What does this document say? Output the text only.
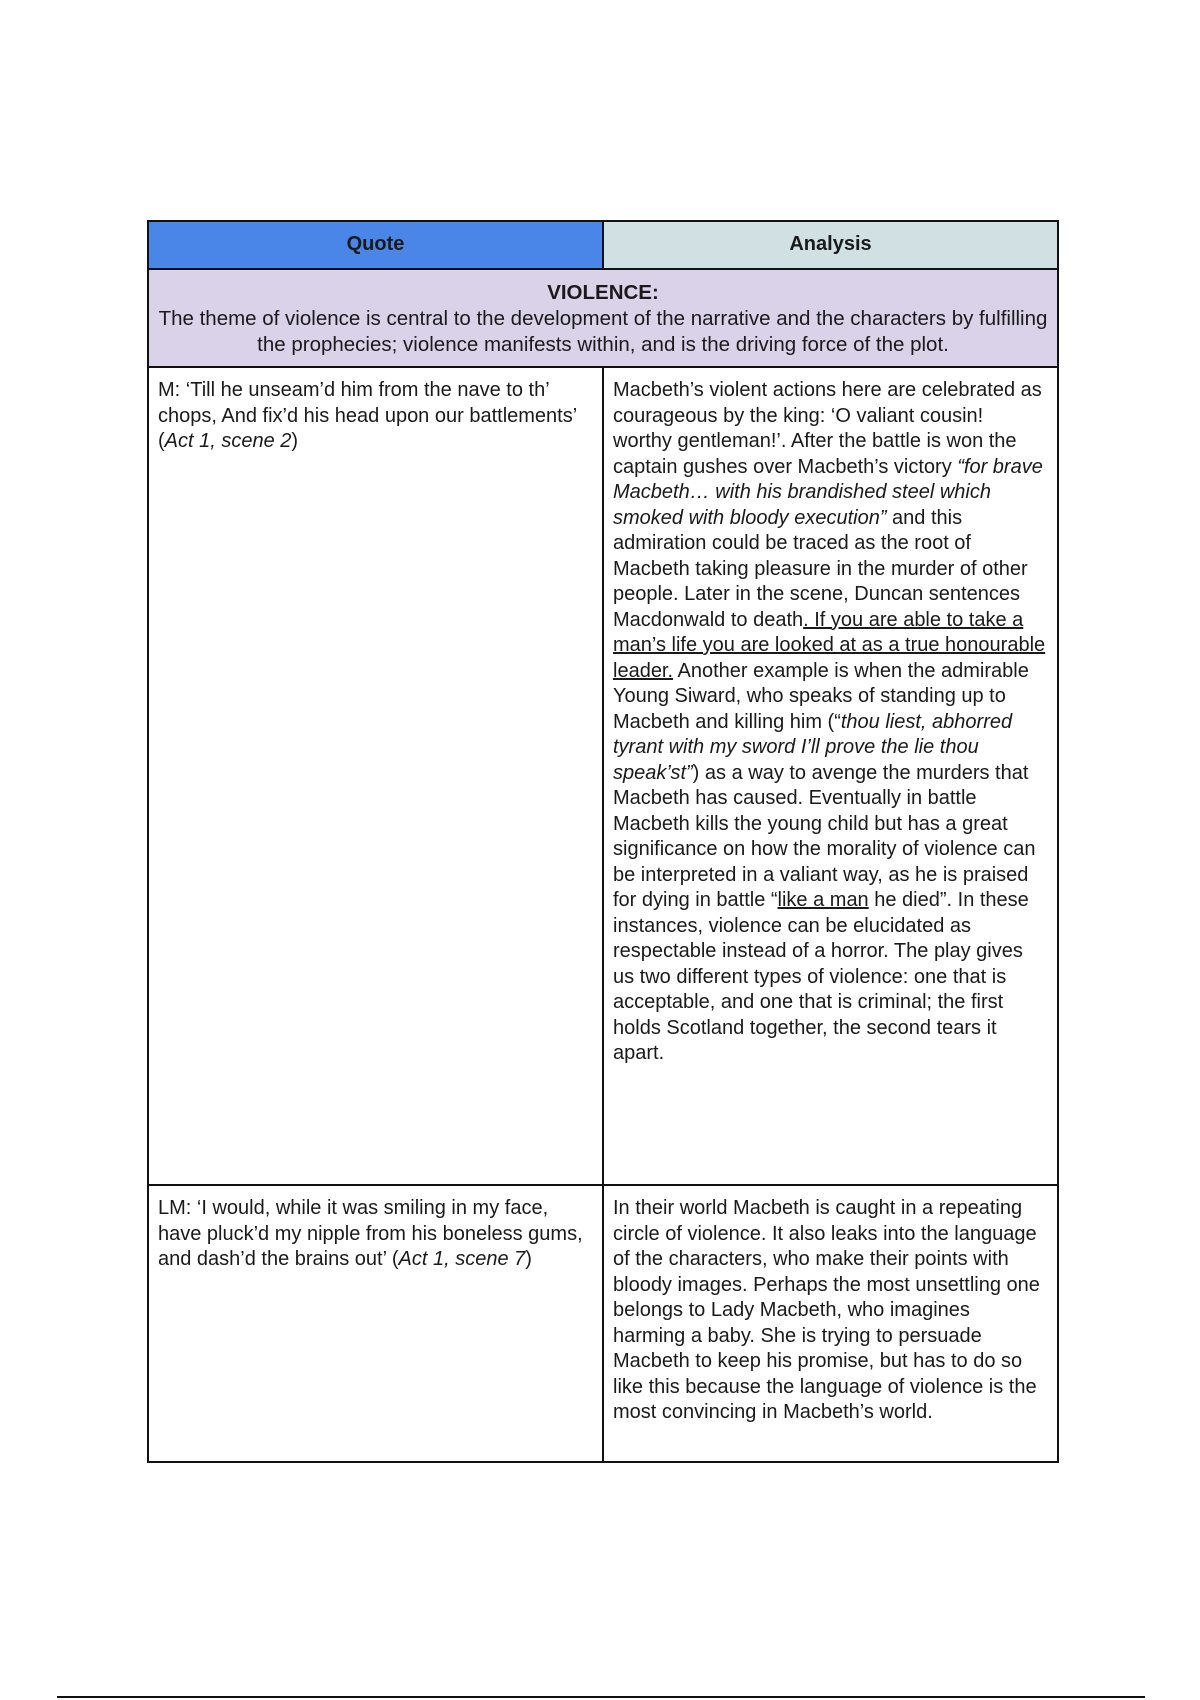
Quote	Analysis

VIOLENCE:
The theme of violence is central to the development of the narrative and the characters by fulfilling the prophecies; violence manifests within, and is the driving force of the plot.	

M: ‘Till he unseam’d him from the nave to th’ chops, And fix’d his head upon our battlements’ (Act 1, scene 2)	Macbeth’s violent actions here are celebrated as courageous by the king: ‘O valiant cousin! worthy gentleman!’. After the battle is won the captain gushes over Macbeth’s victory “for brave Macbeth… with his brandished steel which smoked with bloody execution” and this admiration could be traced as the root of Macbeth taking pleasure in the murder of other people. Later in the scene, Duncan sentences Macdonwald to death. If you are able to take a man’s life you are looked at as a true honourable leader. Another example is when the admirable Young Siward, who speaks of standing up to Macbeth and killing him (“thou liest, abhorred tyrant with my sword I’ll prove the lie thou speak’st”) as a way to avenge the murders that Macbeth has caused. Eventually in battle Macbeth kills the young child but has a great significance on how the morality of violence can be interpreted in a valiant way, as he is praised for dying in battle “like a man he died”. In these instances, violence can be elucidated as respectable instead of a horror. The play gives us two different types of violence: one that is acceptable, and one that is criminal; the first holds Scotland together, the second tears it apart.
LM: ‘I would, while it was smiling in my face, have pluck’d my nipple from his boneless gums, and dash’d the brains out’ (Act 1, scene 7)	In their world Macbeth is caught in a repeating circle of violence. It also leaks into the language of the characters, who make their points with bloody images. Perhaps the most unsettling one belongs to Lady Macbeth, who imagines harming a baby. She is trying to persuade Macbeth to keep his promise, but has to do so like this because the language of violence is the most convincing in Macbeth’s world.
